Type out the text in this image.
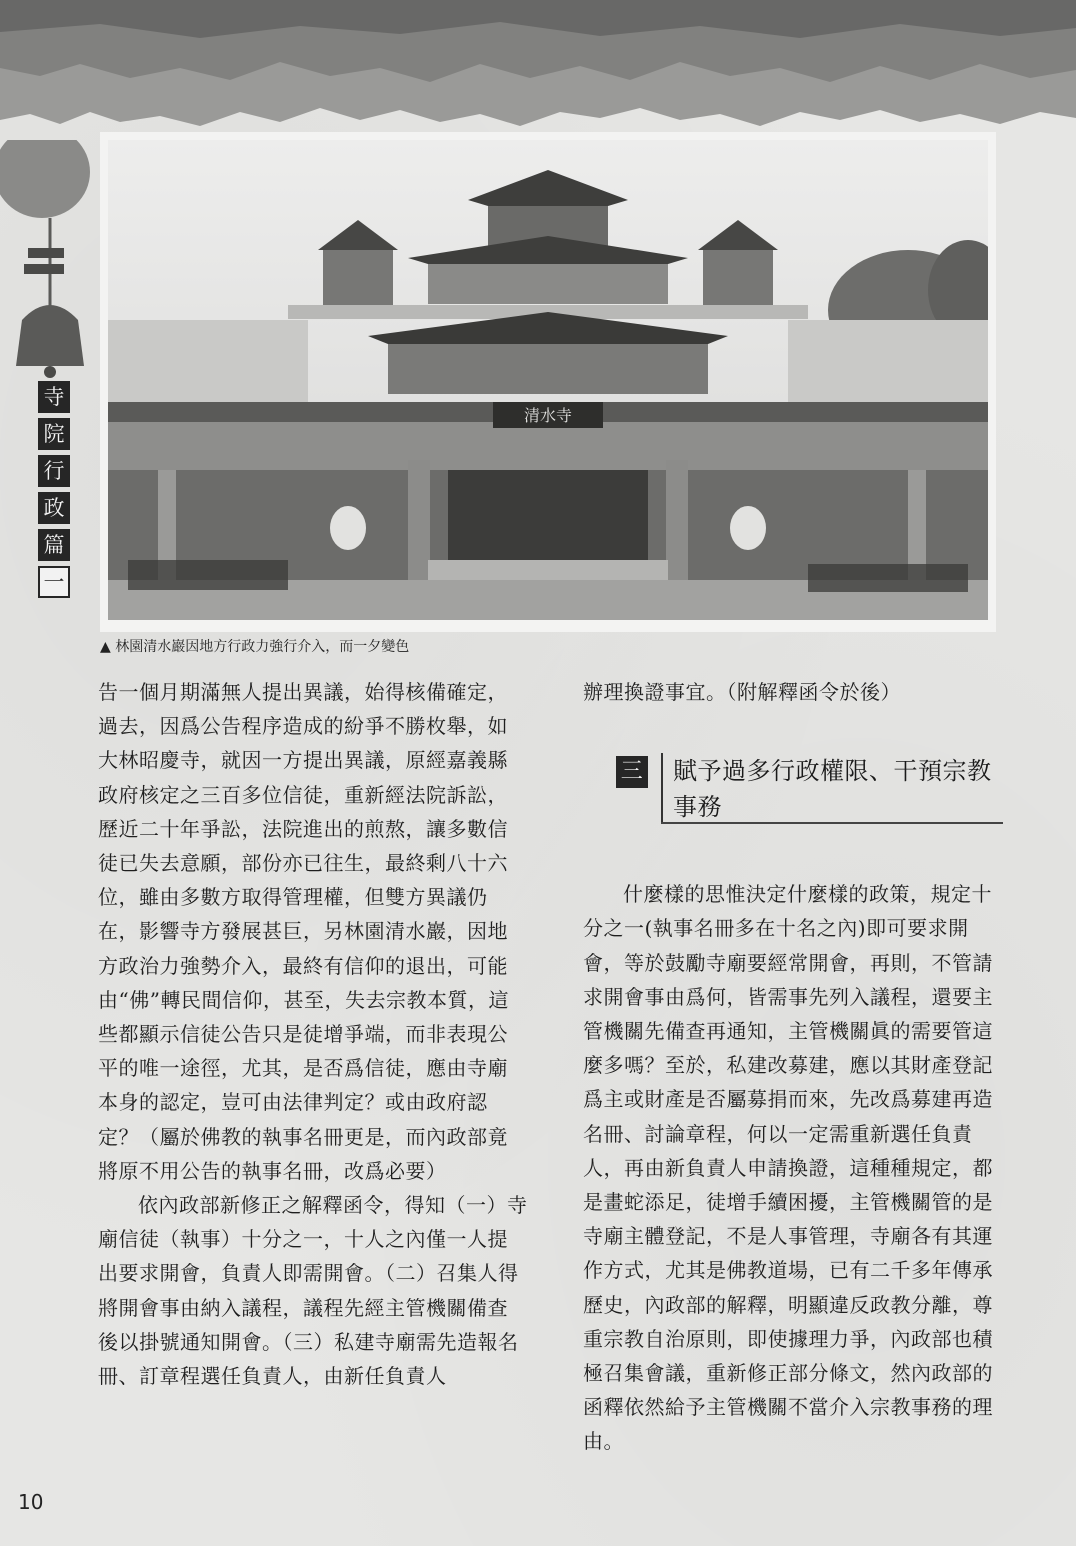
寺
院
行
政
篇
一
清水寺
▲ 林園清水巖因地方行政力強行介入，而一夕變色

告一個月期滿無人提出異議，始得核備確定，過去，因爲公告程序造成的紛爭不勝枚舉，如大林昭慶寺，就因一方提出異議，原經嘉義縣政府核定之三百多位信徒，重新經法院訴訟，歷近二十年爭訟，法院進出的煎熬，讓多數信徒已失去意願，部份亦已往生，最終剩八十六位，雖由多數方取得管理權，但雙方異議仍在，影響寺方發展甚巨，另林園清水巖，因地方政治力強勢介入，最終有信仰的退出，可能由“佛”轉民間信仰，甚至，失去宗教本質，這些都顯示信徒公告只是徒增爭端，而非表現公平的唯一途徑，尤其，是否爲信徒，應由寺廟本身的認定，豈可由法律判定？或由政府認定？（屬於佛教的執事名冊更是，而內政部竟將原不用公告的執事名冊，改爲必要）

依內政部新修正之解釋函令，得知（一）寺廟信徒（執事）十分之一，十人之內僅一人提出要求開會，負責人即需開會。（二）召集人得將開會事由納入議程，議程先經主管機關備查後以掛號通知開會。（三）私建寺廟需先造報名冊、訂章程選任負責人，由新任負責人

辦理換證事宜。（附解釋函令於後）

三 賦予過多行政權限、干預宗教事務

什麼樣的思惟決定什麼樣的政策，規定十分之一(執事名冊多在十名之內)即可要求開會，等於鼓勵寺廟要經常開會，再則，不管請求開會事由爲何，皆需事先列入議程，還要主管機關先備查再通知，主管機關眞的需要管這麼多嗎？至於，私建改募建，應以其財產登記爲主或財產是否屬募捐而來，先改爲募建再造名冊、討論章程，何以一定需重新選任負責人，再由新負責人申請換證，這種種規定，都是畫蛇添足，徒增手續困擾，主管機關管的是寺廟主體登記，不是人事管理，寺廟各有其運作方式，尤其是佛教道場，已有二千多年傳承歷史，內政部的解釋，明顯違反政教分離，尊重宗教自治原則，即使據理力爭，內政部也積極召集會議，重新修正部分條文，然內政部的函釋依然給予主管機關不當介入宗教事務的理由。

10
